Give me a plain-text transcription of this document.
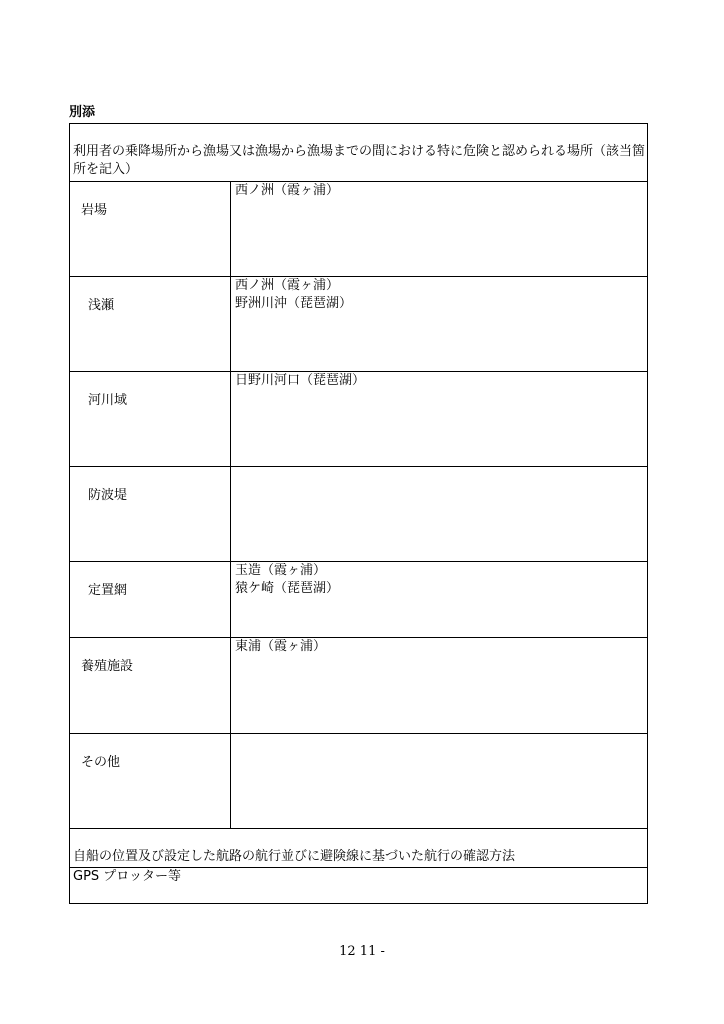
別添
利用者の乗降場所から漁場又は漁場から漁場までの間における特に危険と認められる場所（該当箇所を記入）
岩場
西ノ洲（霞ヶ浦）
浅瀬
西ノ洲（霞ヶ浦）
野洲川沖（琵琶湖）
河川域
日野川河口（琵琶湖）
防波堤
定置網
玉造（霞ヶ浦）
猿ケ崎（琵琶湖）
養殖施設
東浦（霞ヶ浦）
その他
自船の位置及び設定した航路の航行並びに避険線に基づいた航行の確認方法
GPS プロッター等
12 11 -
